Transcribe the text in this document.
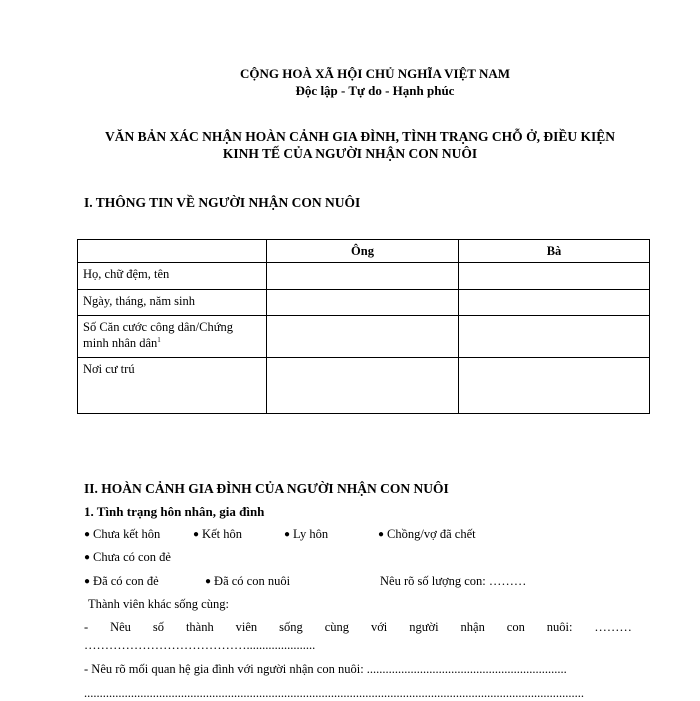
CỘNG HOÀ XÃ HỘI CHỦ NGHĨA VIỆT NAM
Độc lập - Tự do - Hạnh phúc
VĂN BẢN XÁC NHẬN HOÀN CẢNH GIA ĐÌNH, TÌNH TRẠNG CHỖ Ở, ĐIỀU KIỆN
KINH TẾ CỦA NGƯỜI NHẬN CON NUÔI
I. THÔNG TIN VỀ NGƯỜI NHẬN CON NUÔI
	Ông	Bà
Họ, chữ đệm, tên		
Ngày, tháng, năm sinh		
Số Căn cước công dân/Chứng minh nhân dân$^1$		
Nơi cư trú		
II. HOÀN CẢNH GIA ĐÌNH CỦA NGƯỜI NHẬN CON NUÔI
1. Tình trạng hôn nhân, gia đình
● Chưa kết hôn	● Kết hôn	● Ly hôn	● Chồng/vợ đã chết
● Chưa có con đẻ
● Đã có con đẻ	● Đã có con nuôi	Nêu rõ số lượng con: ………
Thành viên khác sống cùng:
- Nêu số thành viên sống cùng với người nhận con nuôi: ………
…………………………………......................
- Nêu rõ mối quan hệ gia đình với người nhận con nuôi: ................................................................
................................................................................................................................................................
